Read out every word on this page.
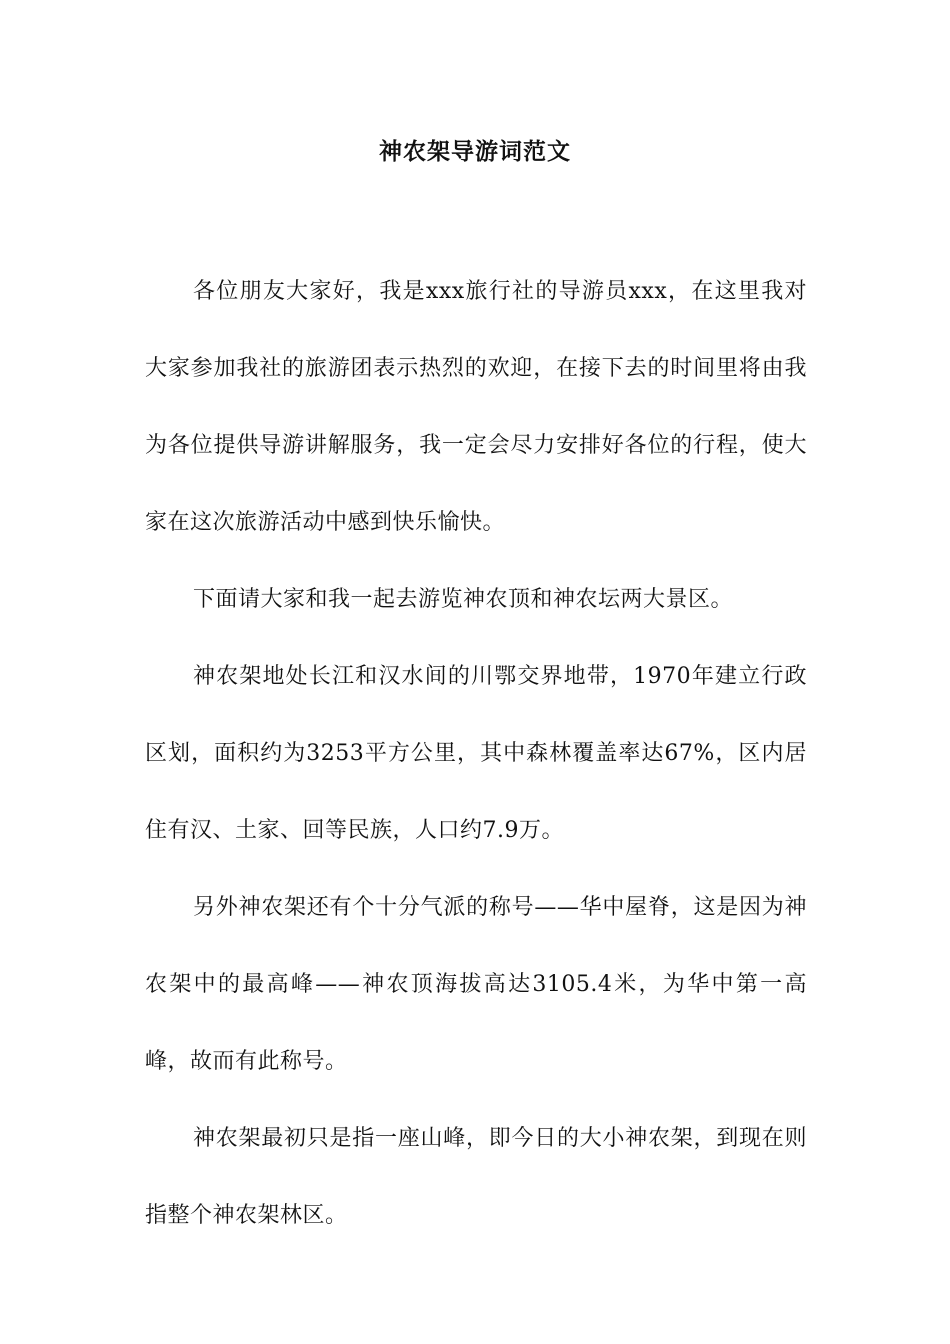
神农架导游词范文

各位朋友大家好，我是xxx旅行社的导游员xxx，在这里我对大家参加我社的旅游团表示热烈的欢迎，在接下去的时间里将由我为各位提供导游讲解服务，我一定会尽力安排好各位的行程，使大家在这次旅游活动中感到快乐愉快。

下面请大家和我一起去游览神农顶和神农坛两大景区。

神农架地处长江和汉水间的川鄂交界地带，1970年建立行政区划，面积约为3253平方公里，其中森林覆盖率达67%，区内居住有汉、土家、回等民族，人口约7.9万。

另外神农架还有个十分气派的称号——华中屋脊，这是因为神农架中的最高峰——神农顶海拔高达3105.4米，为华中第一高峰，故而有此称号。

神农架最初只是指一座山峰，即今日的大小神农架，到现在则指整个神农架林区。
